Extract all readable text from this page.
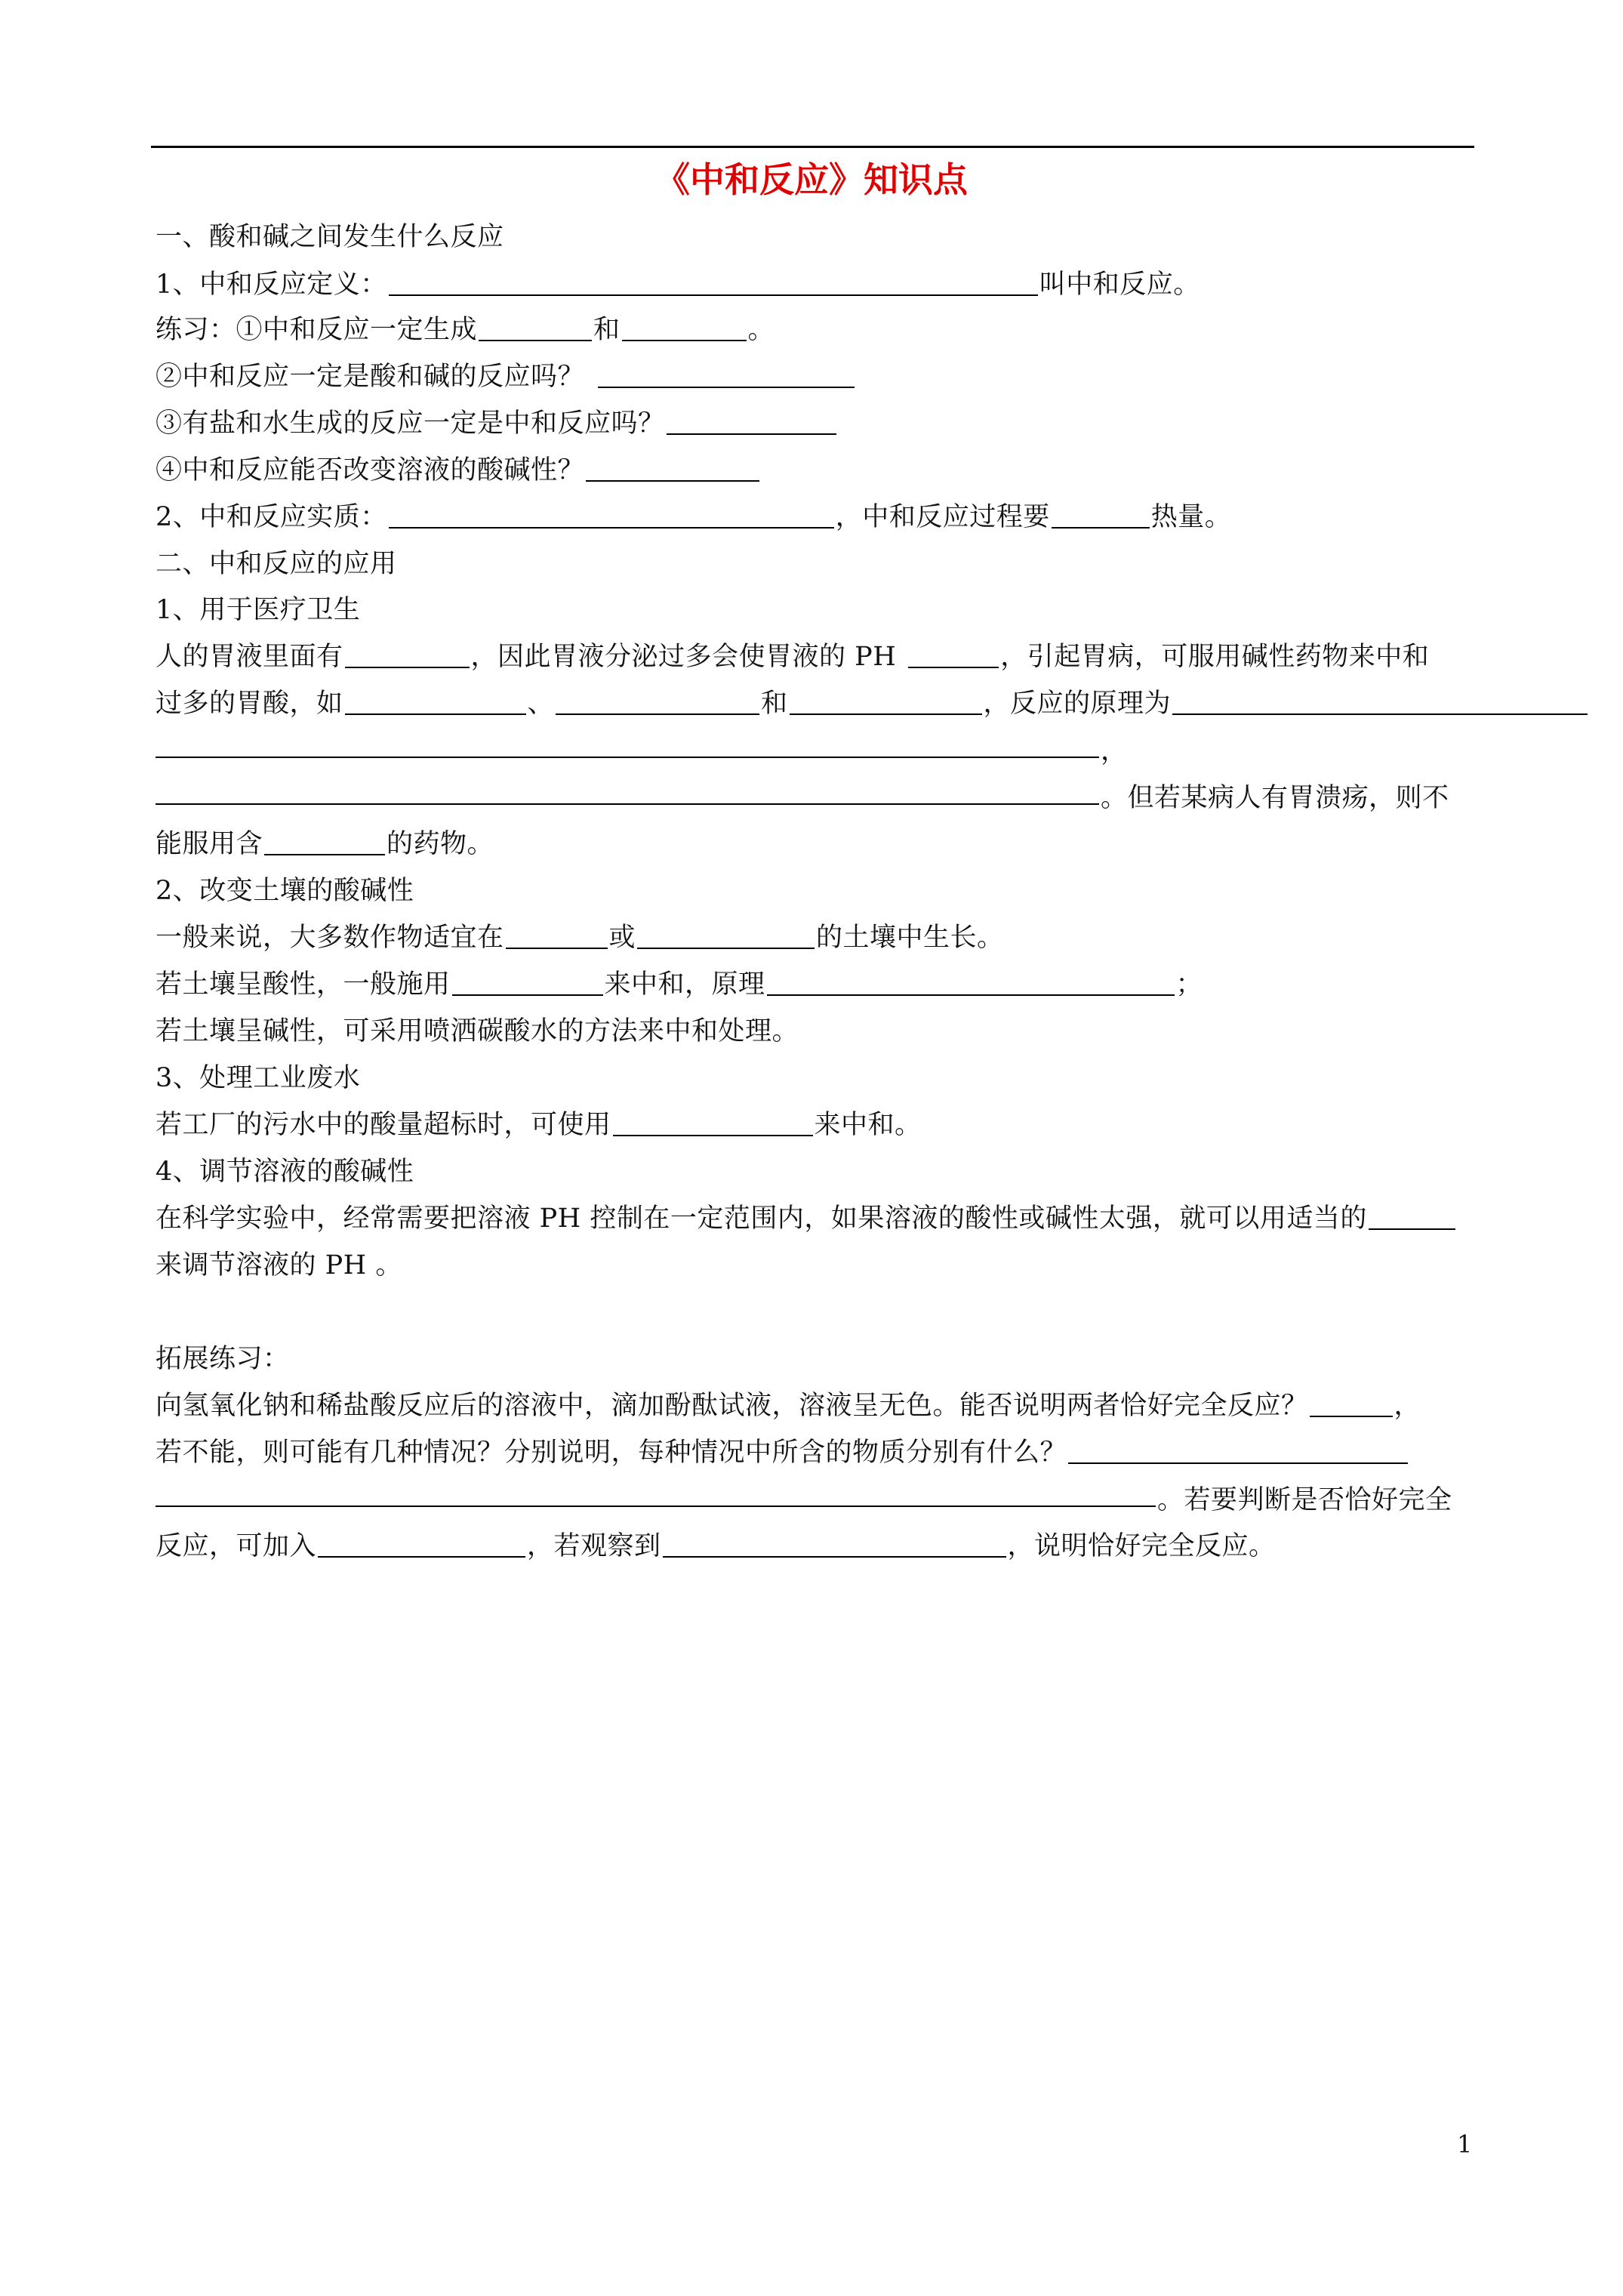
《中和反应》知识点
一、酸和碱之间发生什么反应
1、中和反应定义：	叫中和反应。
练习：①中和反应一定生成	和	。
②中和反应一定是酸和碱的反应吗？
③有盐和水生成的反应一定是中和反应吗？
④中和反应能否改变溶液的酸碱性？
2、中和反应实质：	，中和反应过程要	热量。
二、中和反应的应用
1、用于医疗卫生
人的胃液里面有	，因此胃液分泌过多会使胃液的 PH	，引起胃病，可服用碱性药物来中和
过多的胃酸，如	、	和	，反应的原理为
，
。但若某病人有胃溃疡，则不
能服用含	的药物。
2、改变土壤的酸碱性
一般来说，大多数作物适宜在	或	的土壤中生长。
若土壤呈酸性，一般施用	来中和，原理	；
若土壤呈碱性，可采用喷洒碳酸水的方法来中和处理。
3、处理工业废水
若工厂的污水中的酸量超标时，可使用	来中和。
4、调节溶液的酸碱性
在科学实验中，经常需要把溶液 PH 控制在一定范围内，如果溶液的酸性或碱性太强，就可以用适当的
来调节溶液的 PH 。
拓展练习：
向氢氧化钠和稀盐酸反应后的溶液中，滴加酚酞试液，溶液呈无色。能否说明两者恰好完全反应？	，
若不能，则可能有几种情况？分别说明，每种情况中所含的物质分别有什么？
。若要判断是否恰好完全
反应，可加入	，若观察到	，说明恰好完全反应。
1
